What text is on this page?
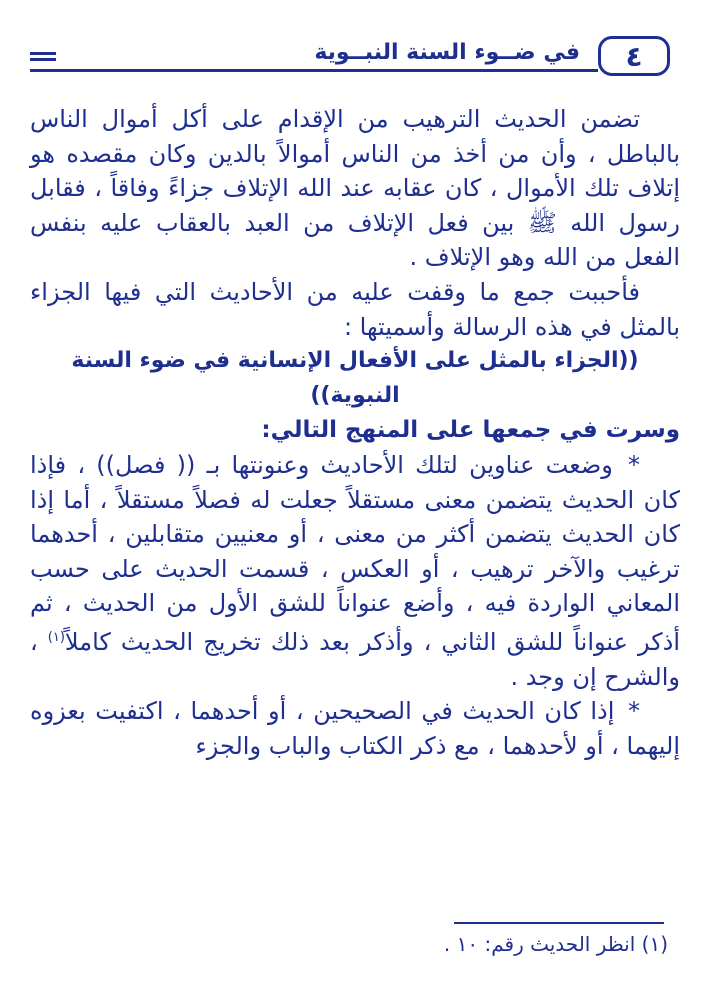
٤
في ضــوء السنة النبــوية

تضمن الحديث الترهيب من الإقدام على أكل أموال الناس بالباطل ، وأن من أخذ من الناس أموالاً بالدين وكان مقصده هو إتلاف تلك الأموال ، كان عقابه عند الله الإتلاف جزاءً وفاقاً ، فقابل رسول الله ﷺ بين فعل الإتلاف من العبد بالعقاب عليه بنفس الفعل من الله وهو الإتلاف .

فأحببت جمع ما وقفت عليه من الأحاديث التي فيها الجزاء بالمثل في هذه الرسالة وأسميتها :

((الجزاء بالمثل على الأفعال الإنسانية في ضوء السنة النبوية))

وسرت في جمعها على المنهج التالي:

* وضعت عناوين لتلك الأحاديث وعنونتها بـ (( فصل)) ، فإذا كان الحديث يتضمن معنى مستقلاً جعلت له فصلاً مستقلاً ، أما إذا كان الحديث يتضمن أكثر من معنى ، أو معنيين متقابلين ، أحدهما ترغيب والآخر ترهيب ، أو العكس ، قسمت الحديث على حسب المعاني الواردة فيه ، وأضع عنواناً للشق الأول من الحديث ، ثم أذكر عنواناً للشق الثاني ، وأذكر بعد ذلك تخريج الحديث كاملاً$^{(١)}$ ، والشرح إن وجد .

* إذا كان الحديث في الصحيحين ، أو أحدهما ، اكتفيت بعزوه إليهما ، أو لأحدهما ، مع ذكر الكتاب والباب والجزء

(١) انظر الحديث رقم: ١٠ .
